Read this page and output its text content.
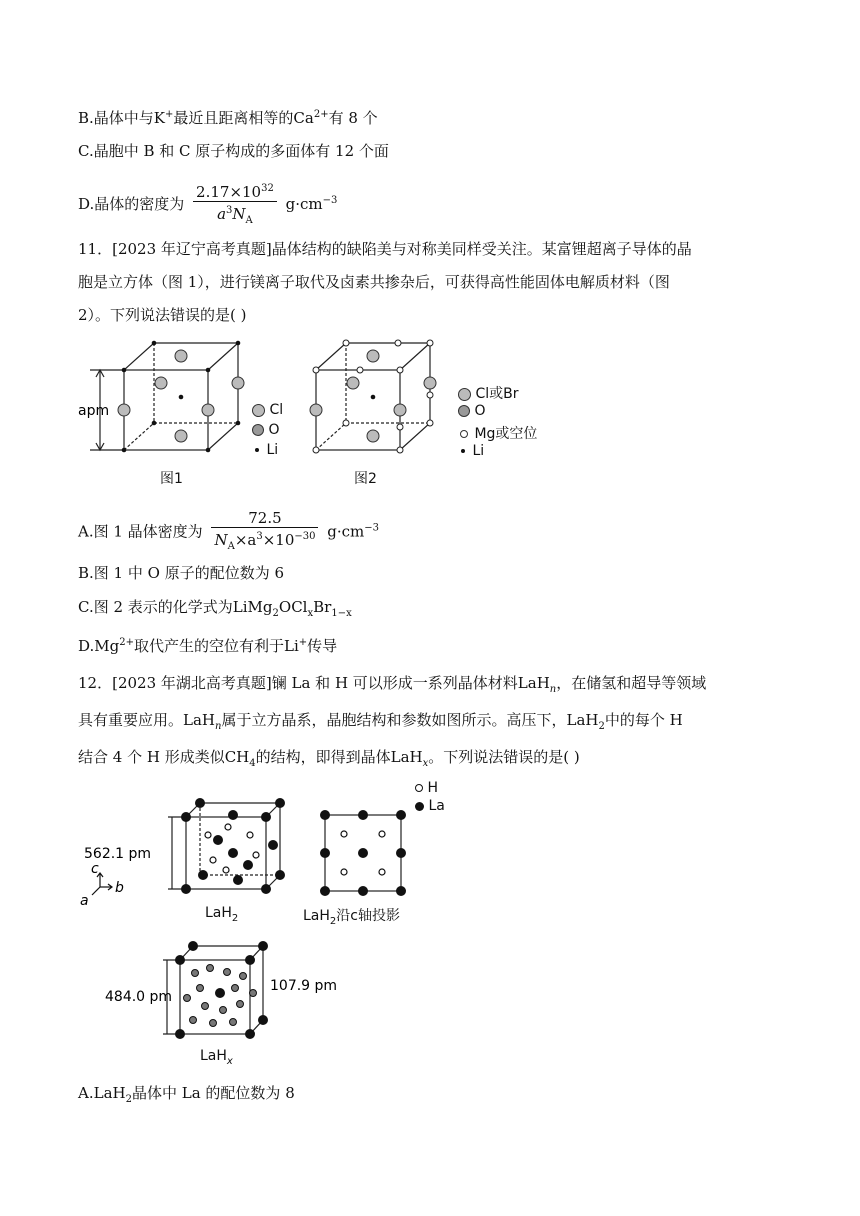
B.晶体中与K+最近且距离相等的$Ca^{2+}$有 8 个
C.晶胞中 B 和 C 原子构成的多面体有 12 个面
D.晶体的密度为 $\frac{2.17\times 10^{32}}{a^3N_A} g\cdot cm^{-3}$
11．[2023 年辽宁高考真题]晶体结构的缺陷美与对称美同样受关注。某富锂超离子导体的晶
胞是立方体（图 1），进行镁离子取代及卤素共掺杂后，可获得高性能固体电解质材料（图
2）。下列说法错误的是( )
apm	Cl
O
Li
图1
Cl或Br
O
Mg或空位
Li
图2
A.图 1 晶体密度为 $\frac{72.5}{N_A\times a^3\times 10^{-30}} g\cdot cm^{-3}$
B.图 1 中 O 原子的配位数为 6
C.图 2 表示的化学式为$LiMg_2OCl_xBr_{1-x}$
$D.Mg^{2+}$取代产生的空位有利于Li+传导
12．[2023 年湖北高考真题]镧 La 和 H 可以形成一系列晶体材料LaH$_n$，在储氢和超导等领域
具有重要应用。LaH$_n$属于立方晶系，晶胞结构和参数如图所示。高压下，LaH$_2$中的每个 H
结合 4 个 H 形成类似$CH_4$的结构，即得到晶体LaH$_x$。下列说法错误的是( )
562.1 pm
c
b
a
LaH$_2$	LaH$_2$沿c轴投影
H
La
484.0 pm
107.9 pm
LaH$_x$
A.LaH$_2$晶体中 La 的配位数为 8
